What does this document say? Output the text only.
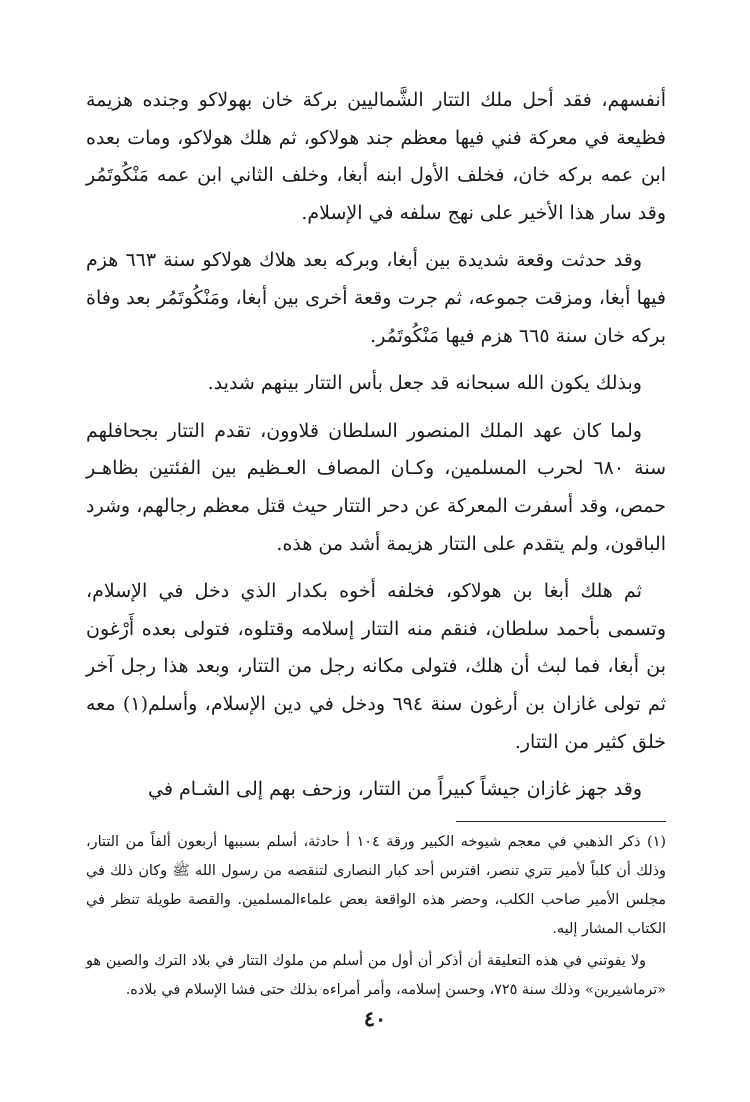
أنفسهم، فقد أحل ملك التتار الشَّماليين بركة خان بهولاكو وجنده هزيمة فظيعة في معركة فني فيها معظم جند هولاكو، ثم هلك هولاكو، ومات بعده ابن عمه بركه خان، فخلف الأول ابنه أبغا، وخلف الثاني ابن عمه مَنْكُوتَمُر وقد سار هذا الأخير على نهج سلفه في الإسلام.

وقد حدثت وقعة شديدة بين أبغا، وبركه بعد هلاك هولاكو سنة ٦٦٣ هزم فيها أبغا، ومزقت جموعه، ثم جرت وقعة أخرى بين أبغا، ومَنْكُوتَمُر بعد وفاة بركه خان سنة ٦٦٥ هزم فيها مَنْكُوتَمُر.

وبذلك يكون الله سبحانه قد جعل بأس التتار بينهم شديد.

ولما كان عهد الملك المنصور السلطان قلاوون، تقدم التتار بجحافلهم سنة ٦٨٠ لحرب المسلمين، وكـان المصاف العـظيم بين الفئتين بظاهـر حمص، وقد أسفرت المعركة عن دحر التتار حيث قتل معظم رجالهم، وشرد الباقون، ولم يتقدم على التتار هزيمة أشد من هذه.

ثم هلك أبغا بن هولاكو، فخلفه أخوه بكدار الذي دخل في الإسلام، وتسمى بأحمد سلطان، فنقم منه التتار إسلامه وقتلوه، فتولى بعده أَرْغون بن أبغا، فما لبث أن هلك، فتولى مكانه رجل من التتار، وبعد هذا رجل آخر ثم تولى غازان بن أرغون سنة ٦٩٤ ودخل في دين الإسلام، وأسلم(١) معه خلق كثير من التتار.

وقد جهز غازان جيشاً كبيراً من التتار، وزحف بهم إلى الشـام في

(١) ذكر الذهبي في معجم شيوخه الكبير ورقة ١٠٤ أ حادثة، أسلم بسببها أربعون ألفاً من التتار، وذلك أن كلباً لأمير تتري تنصر، افترس أحد كبار النصارى لتنقصه من رسول الله ﷺ وكان ذلك في مجلس الأمير صاحب الكلب، وحضر هذه الواقعة بعض علماءالمسلمين. والقصة طويلة تنظر في الكتاب المشار إليه.

ولا يفوتني في هذه التعليقة أن أذكر أن أول من أسلم من ملوك التتار في بلاد الترك والصين هو «ترماشيرين» وذلك سنة ٧٢٥، وحسن إسلامه، وأمر أمراءه بذلك حتى فشا الإسلام في بلاده.

٤٠
